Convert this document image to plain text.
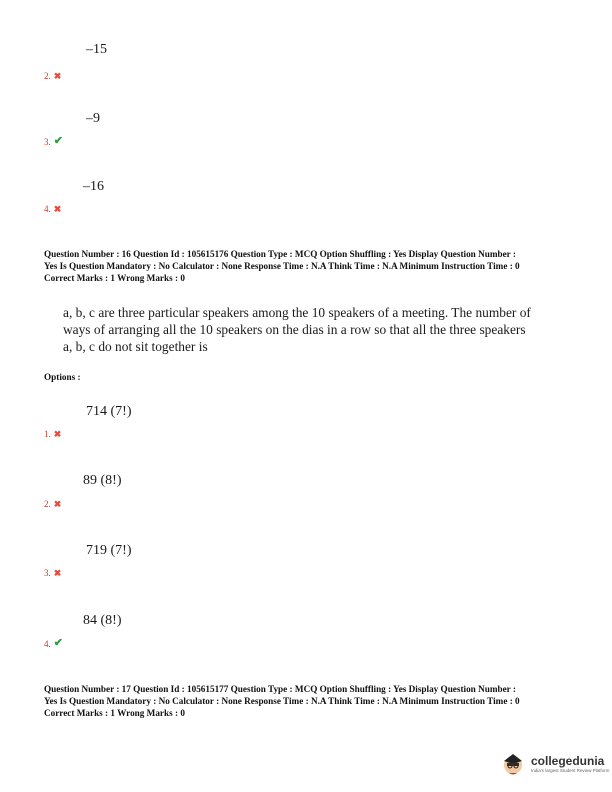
–15
2. ✖
–9
3. ✔
–16
4. ✖
Question Number : 16 Question Id : 105615176 Question Type : MCQ Option Shuffling : Yes Display Question Number :
Yes Is Question Mandatory : No Calculator : None Response Time : N.A Think Time : N.A Minimum Instruction Time : 0
Correct Marks : 1 Wrong Marks : 0
a, b, c are three particular speakers among the 10 speakers of a meeting. The number of
ways of arranging all the 10 speakers on the dias in a row so that all the three speakers
a, b, c do not sit together is
Options :
714 (7!)
1. ✖
89 (8!)
2. ✖
719 (7!)
3. ✖
84 (8!)
4. ✔
Question Number : 17 Question Id : 105615177 Question Type : MCQ Option Shuffling : Yes Display Question Number :
Yes Is Question Mandatory : No Calculator : None Response Time : N.A Think Time : N.A Minimum Instruction Time : 0
Correct Marks : 1 Wrong Marks : 0
collegedunia
India's largest Student Review Platform
